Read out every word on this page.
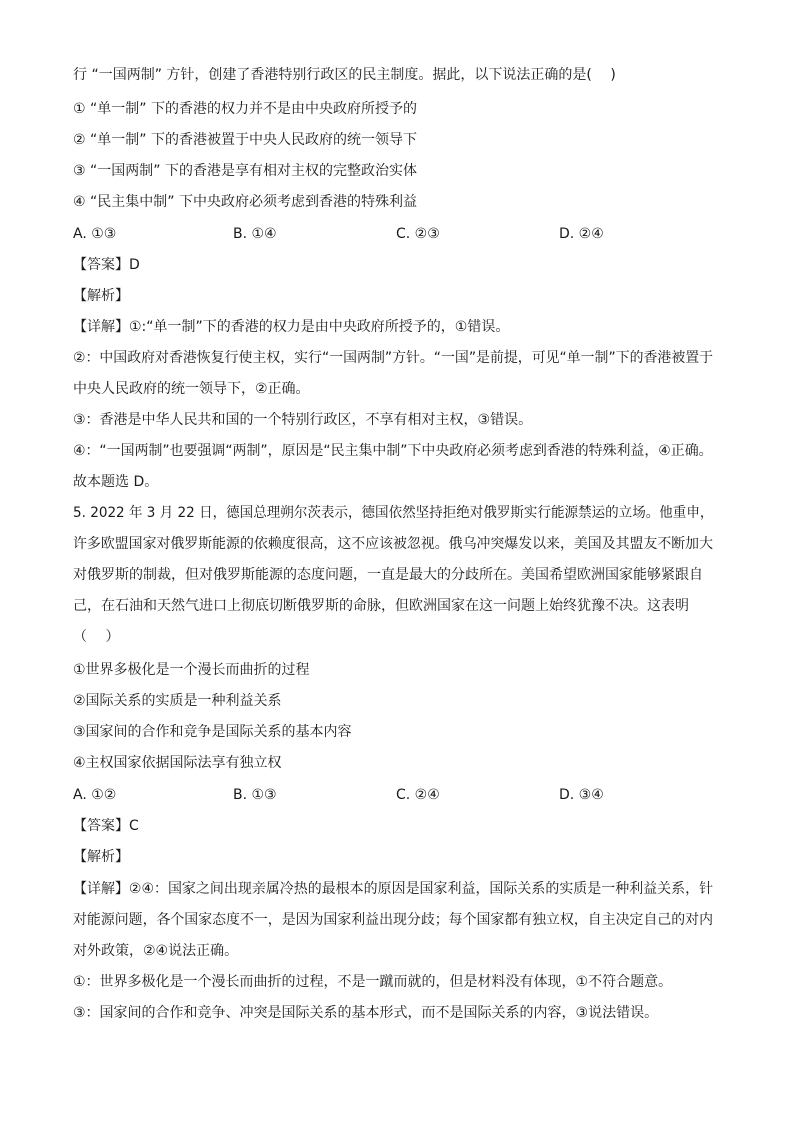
行 “一国两制” 方针，创建了香港特别行政区的民主制度。据此，以下说法正确的是(　 )
① “单一制” 下的香港的权力并不是由中央政府所授予的
② “单一制” 下的香港被置于中央人民政府的统一领导下
③ “一国两制” 下的香港是享有相对主权的完整政治实体
④ “民主集中制” 下中央政府必须考虑到香港的特殊利益
A. ①③	B. ①④	C. ②③	D. ②④
【答案】D
【解析】
【详解】①:“单一制”下的香港的权力是由中央政府所授予的，①错误。
②：中国政府对香港恢复行使主权，实行“一国两制”方针。“一国”是前提，可见“单一制”下的香港被置于
中央人民政府的统一领导下，②正确。
③：香港是中华人民共和国的一个特别行政区，不享有相对主权，③错误。
④：“一国两制”也要强调“两制”，原因是“民主集中制”下中央政府必须考虑到香港的特殊利益，④正确。
故本题选 D。
5. 2022 年 3 月 22 日，德国总理朔尔茨表示，德国依然坚持拒绝对俄罗斯实行能源禁运的立场。他重申，
许多欧盟国家对俄罗斯能源的依赖度很高，这不应该被忽视。俄乌冲突爆发以来，美国及其盟友不断加大
对俄罗斯的制裁，但对俄罗斯能源的态度问题，一直是最大的分歧所在。美国希望欧洲国家能够紧跟自
己，在石油和天然气进口上彻底切断俄罗斯的命脉，但欧洲国家在这一问题上始终犹豫不决。这表明
（　 ）
①世界多极化是一个漫长而曲折的过程
②国际关系的实质是一种利益关系
③国家间的合作和竞争是国际关系的基本内容
④主权国家依据国际法享有独立权
A. ①②	B. ①③	C. ②④	D. ③④
【答案】C
【解析】
【详解】②④：国家之间出现亲属冷热的最根本的原因是国家利益，国际关系的实质是一种利益关系，针
对能源问题，各个国家态度不一，是因为国家利益出现分歧；每个国家都有独立权，自主决定自己的对内
对外政策，②④说法正确。
①：世界多极化是一个漫长而曲折的过程，不是一蹴而就的，但是材料没有体现，①不符合题意。
③：国家间的合作和竞争、冲突是国际关系的基本形式，而不是国际关系的内容，③说法错误。
